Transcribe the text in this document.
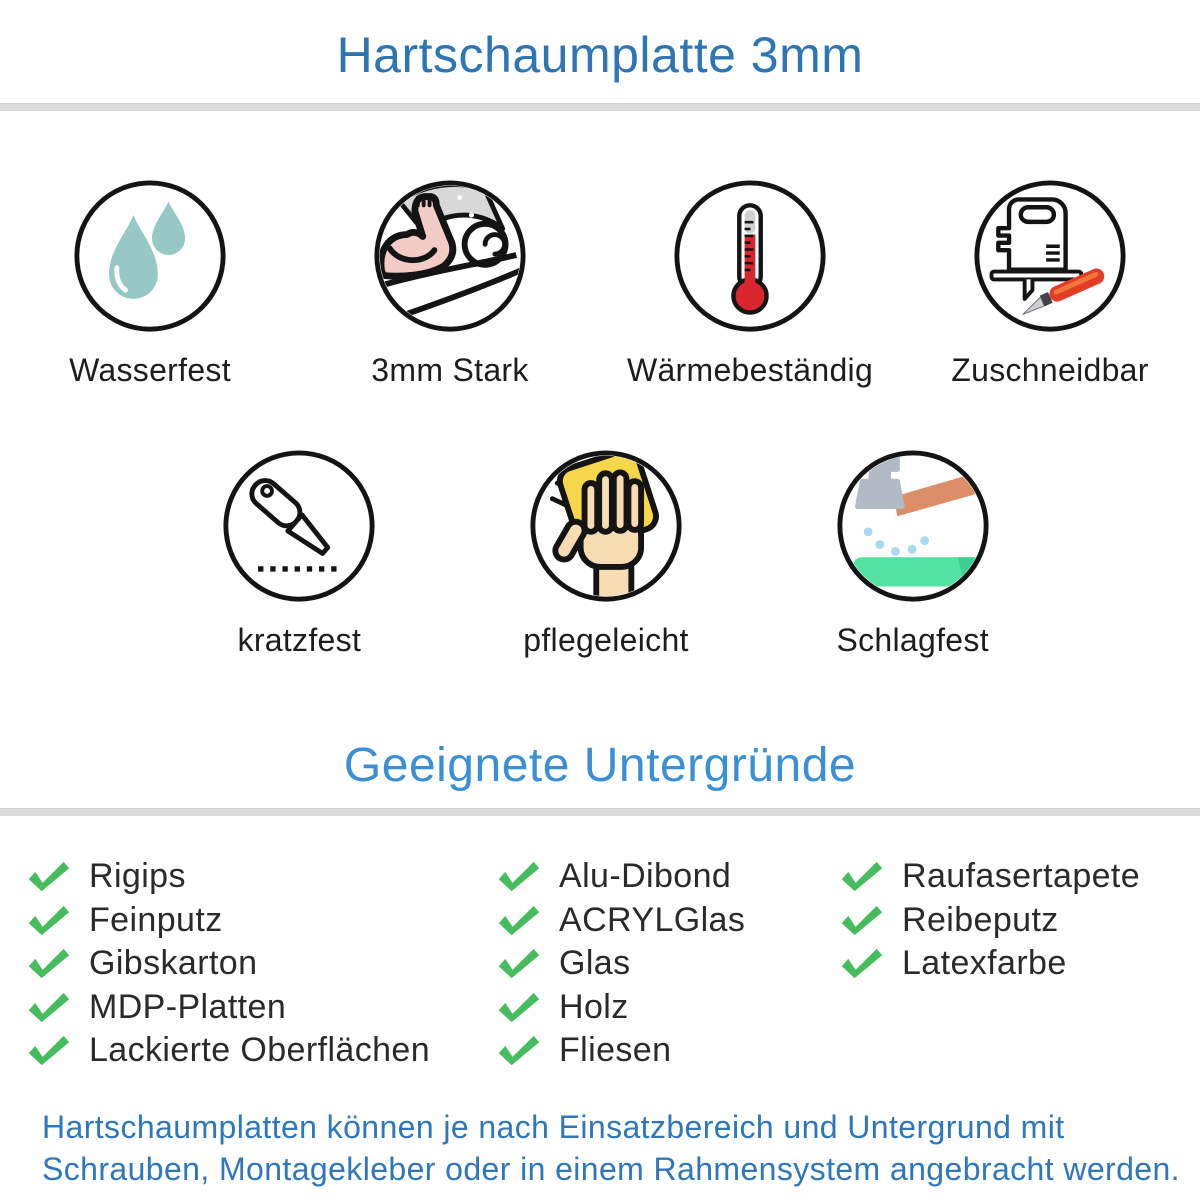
Hartschaumplatte 3mm
Wasserfest	3mm Stark	Wärmebeständig Zuschneidbar
kratzfest	pflegeleicht	Schlagfest
Geeignete Untergründe
Rigips
Feinputz
Gibskarton
MDP-Platten
Lackierte Oberflächen
Alu-Dibond
ACRYLGlas
Glas
Holz
Fliesen
Raufasertapete
Reibeputz
Latexfarbe

Hartschaumplatten können je nach Einsatzbereich und Untergrund mit
Schrauben, Montagekleber oder in einem Rahmensystem angebracht werden.
